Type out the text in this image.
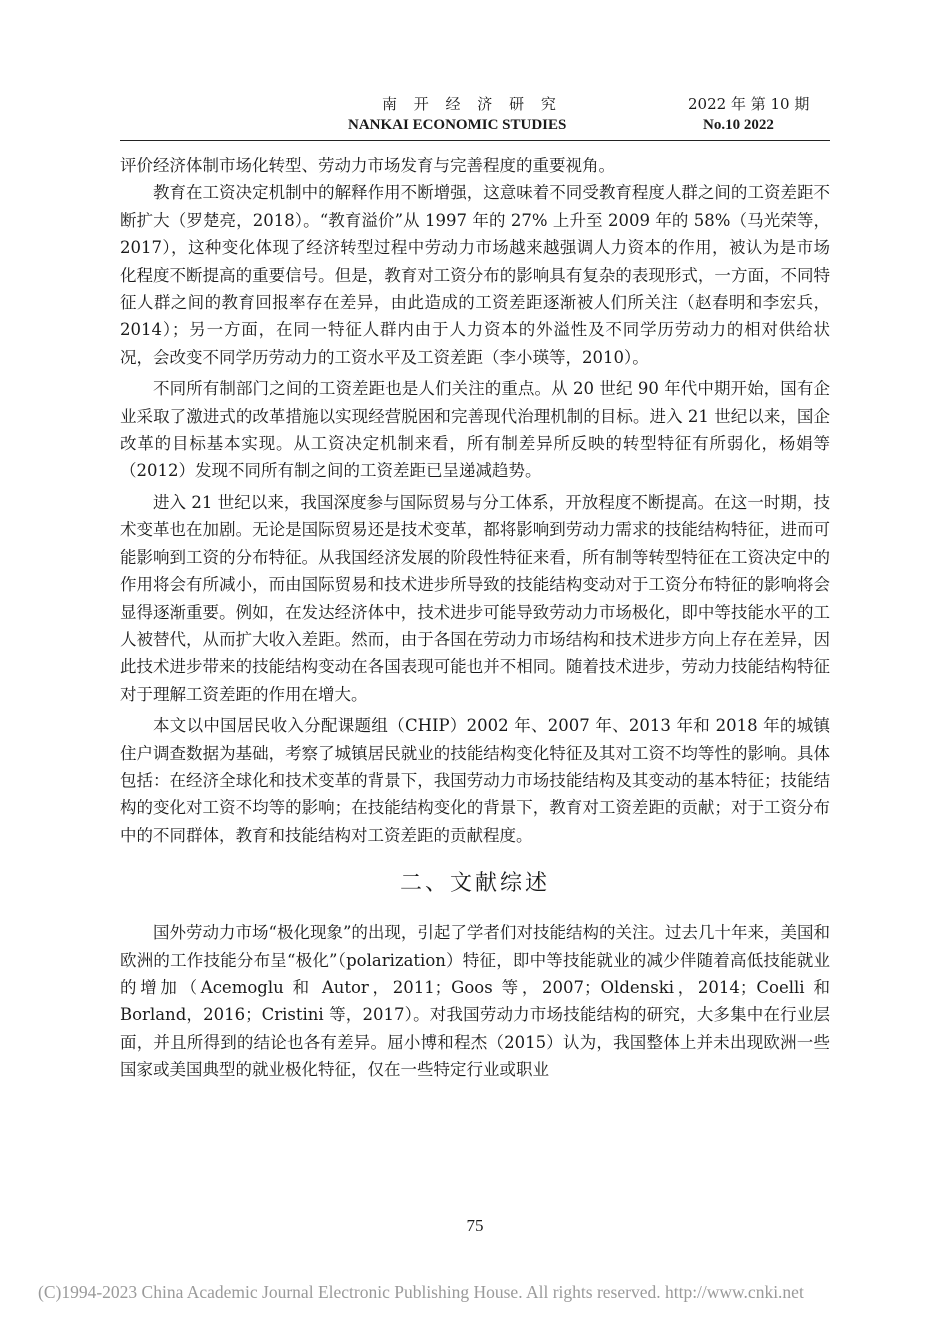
南 开 经 济 研 究	2022 年 第 10 期
NANKAI ECONOMIC STUDIES	No.10 2022

评价经济体制市场化转型、劳动力市场发育与完善程度的重要视角。

教育在工资决定机制中的解释作用不断增强，这意味着不同受教育程度人群之间的工资差距不断扩大（罗楚亮，2018）。“教育溢价”从 1997 年的 27% 上升至 2009 年的 58%（马光荣等，2017），这种变化体现了经济转型过程中劳动力市场越来越强调人力资本的作用，被认为是市场化程度不断提高的重要信号。但是，教育对工资分布的影响具有复杂的表现形式，一方面，不同特征人群之间的教育回报率存在差异，由此造成的工资差距逐渐被人们所关注（赵春明和李宏兵，2014）；另一方面，在同一特征人群内由于人力资本的外溢性及不同学历劳动力的相对供给状况，会改变不同学历劳动力的工资水平及工资差距（李小瑛等，2010）。

不同所有制部门之间的工资差距也是人们关注的重点。从 20 世纪 90 年代中期开始，国有企业采取了激进式的改革措施以实现经营脱困和完善现代治理机制的目标。进入 21 世纪以来，国企改革的目标基本实现。从工资决定机制来看，所有制差异所反映的转型特征有所弱化，杨娟等（2012）发现不同所有制之间的工资差距已呈递减趋势。

进入 21 世纪以来，我国深度参与国际贸易与分工体系，开放程度不断提高。在这一时期，技术变革也在加剧。无论是国际贸易还是技术变革，都将影响到劳动力需求的技能结构特征，进而可能影响到工资的分布特征。从我国经济发展的阶段性特征来看，所有制等转型特征在工资决定中的作用将会有所减小，而由国际贸易和技术进步所导致的技能结构变动对于工资分布特征的影响将会显得逐渐重要。例如，在发达经济体中，技术进步可能导致劳动力市场极化，即中等技能水平的工人被替代，从而扩大收入差距。然而，由于各国在劳动力市场结构和技术进步方向上存在差异，因此技术进步带来的技能结构变动在各国表现可能也并不相同。随着技术进步，劳动力技能结构特征对于理解工资差距的作用在增大。

本文以中国居民收入分配课题组（CHIP）2002 年、2007 年、2013 年和 2018 年的城镇住户调查数据为基础，考察了城镇居民就业的技能结构变化特征及其对工资不均等性的影响。具体包括：在经济全球化和技术变革的背景下，我国劳动力市场技能结构及其变动的基本特征；技能结构的变化对工资不均等的影响；在技能结构变化的背景下，教育对工资差距的贡献；对于工资分布中的不同群体，教育和技能结构对工资差距的贡献程度。

二、文献综述

国外劳动力市场“极化现象”的出现，引起了学者们对技能结构的关注。过去几十年来，美国和欧洲的工作技能分布呈“极化”（polarization）特征，即中等技能就业的减少伴随着高低技能就业的增加（Acemoglu 和 Autor，2011；Goos 等，2007；Oldenski，2014；Coelli 和 Borland，2016；Cristini 等，2017）。对我国劳动力市场技能结构的研究，大多集中在行业层面，并且所得到的结论也各有差异。屈小博和程杰（2015）认为，我国整体上并未出现欧洲一些国家或美国典型的就业极化特征，仅在一些特定行业或职业

75
(C)1994-2023 China Academic Journal Electronic Publishing House. All rights reserved. http://www.cnki.net
